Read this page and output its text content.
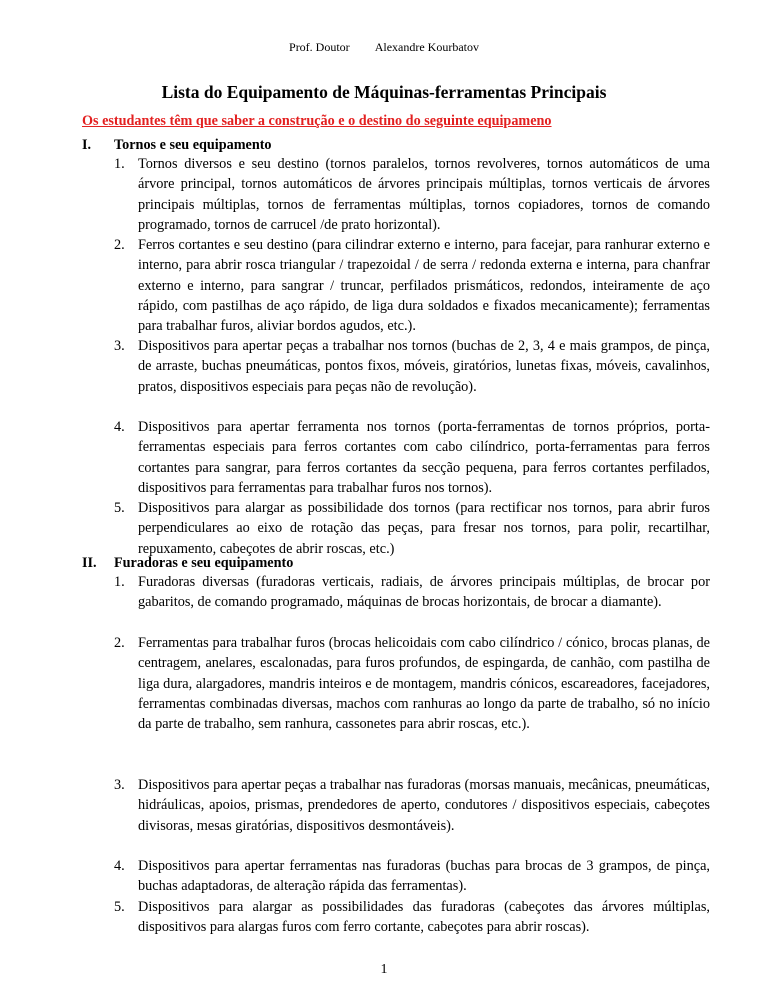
Prof. Doutor Alexandre Kourbatov
Lista do Equipamento de Máquinas-ferramentas Principais
Os estudantes têm que saber a construção e o destino do seguinte equipameno
I. Tornos e seu equipamento
1. Tornos diversos e seu destino (tornos paralelos, tornos revolveres, tornos automáticos de uma árvore principal, tornos automáticos de árvores principais múltiplas, tornos verticais de árvores principais múltiplas, tornos de ferramentas múltiplas, tornos copiadores, tornos de comando programado, tornos de carrucel /de prato horizontal).
2. Ferros cortantes e seu destino (para cilindrar externo e interno, para facejar, para ranhurar externo e interno, para abrir rosca triangular / trapezoidal / de serra / redonda externa e interna, para chanfrar externo e interno, para sangrar / truncar, perfilados prismáticos, redondos, inteiramente de aço rápido, com pastilhas de aço rápido, de liga dura soldados e fixados mecanicamente); ferramentas para trabalhar furos, aliviar bordos agudos, etc.).
3. Dispositivos para apertar peças a trabalhar nos tornos (buchas de 2, 3, 4 e mais grampos, de pinça, de arraste, buchas pneumáticas, pontos fixos, móveis, giratórios, lunetas fixas, móveis, cavalinhos, pratos, dispositivos especiais para peças não de revolução).
4. Dispositivos para apertar ferramenta nos tornos (porta-ferramentas de tornos próprios, porta-ferramentas especiais para ferros cortantes com cabo cilíndrico, porta-ferramentas para ferros cortantes para sangrar, para ferros cortantes da secção pequena, para ferros cortantes perfilados, dispositivos para ferramentas para trabalhar furos nos tornos).
5. Dispositivos para alargar as possibilidade dos tornos (para rectificar nos tornos, para abrir furos perpendiculares ao eixo de rotação das peças, para fresar nos tornos, para polir, recartilhar, repuxamento, cabeçotes de abrir roscas, etc.)
II. Furadoras e seu equipamento
1. Furadoras diversas (furadoras verticais, radiais, de árvores principais múltiplas, de brocar por gabaritos, de comando programado, máquinas de brocas horizontais, de brocar a diamante).
2. Ferramentas para trabalhar furos (brocas helicoidais com cabo cilíndrico / cónico, brocas planas, de centragem, anelares, escalonadas, para furos profundos, de espingarda, de canhão, com pastilha de liga dura, alargadores, mandris inteiros e de montagem, mandris cónicos, escareadores, facejadores, ferramentas combinadas diversas, machos com ranhuras ao longo da parte de trabalho, só no início da parte de trabalho, sem ranhura, cassonetes para abrir roscas, etc.).
3. Dispositivos para apertar peças a trabalhar nas furadoras (morsas manuais, mecânicas, pneumáticas, hidráulicas, apoios, prismas, prendedores de aperto, condutores / dispositivos especiais, cabeçotes divisoras, mesas giratórias, dispositivos desmontáveis).
4. Dispositivos para apertar ferramentas nas furadoras (buchas para brocas de 3 grampos, de pinça, buchas adaptadoras, de alteração rápida das ferramentas).
5. Dispositivos para alargar as possibilidades das furadoras (cabeçotes das árvores múltiplas, dispositivos para alargas furos com ferro cortante, cabeçotes para abrir roscas).
1
